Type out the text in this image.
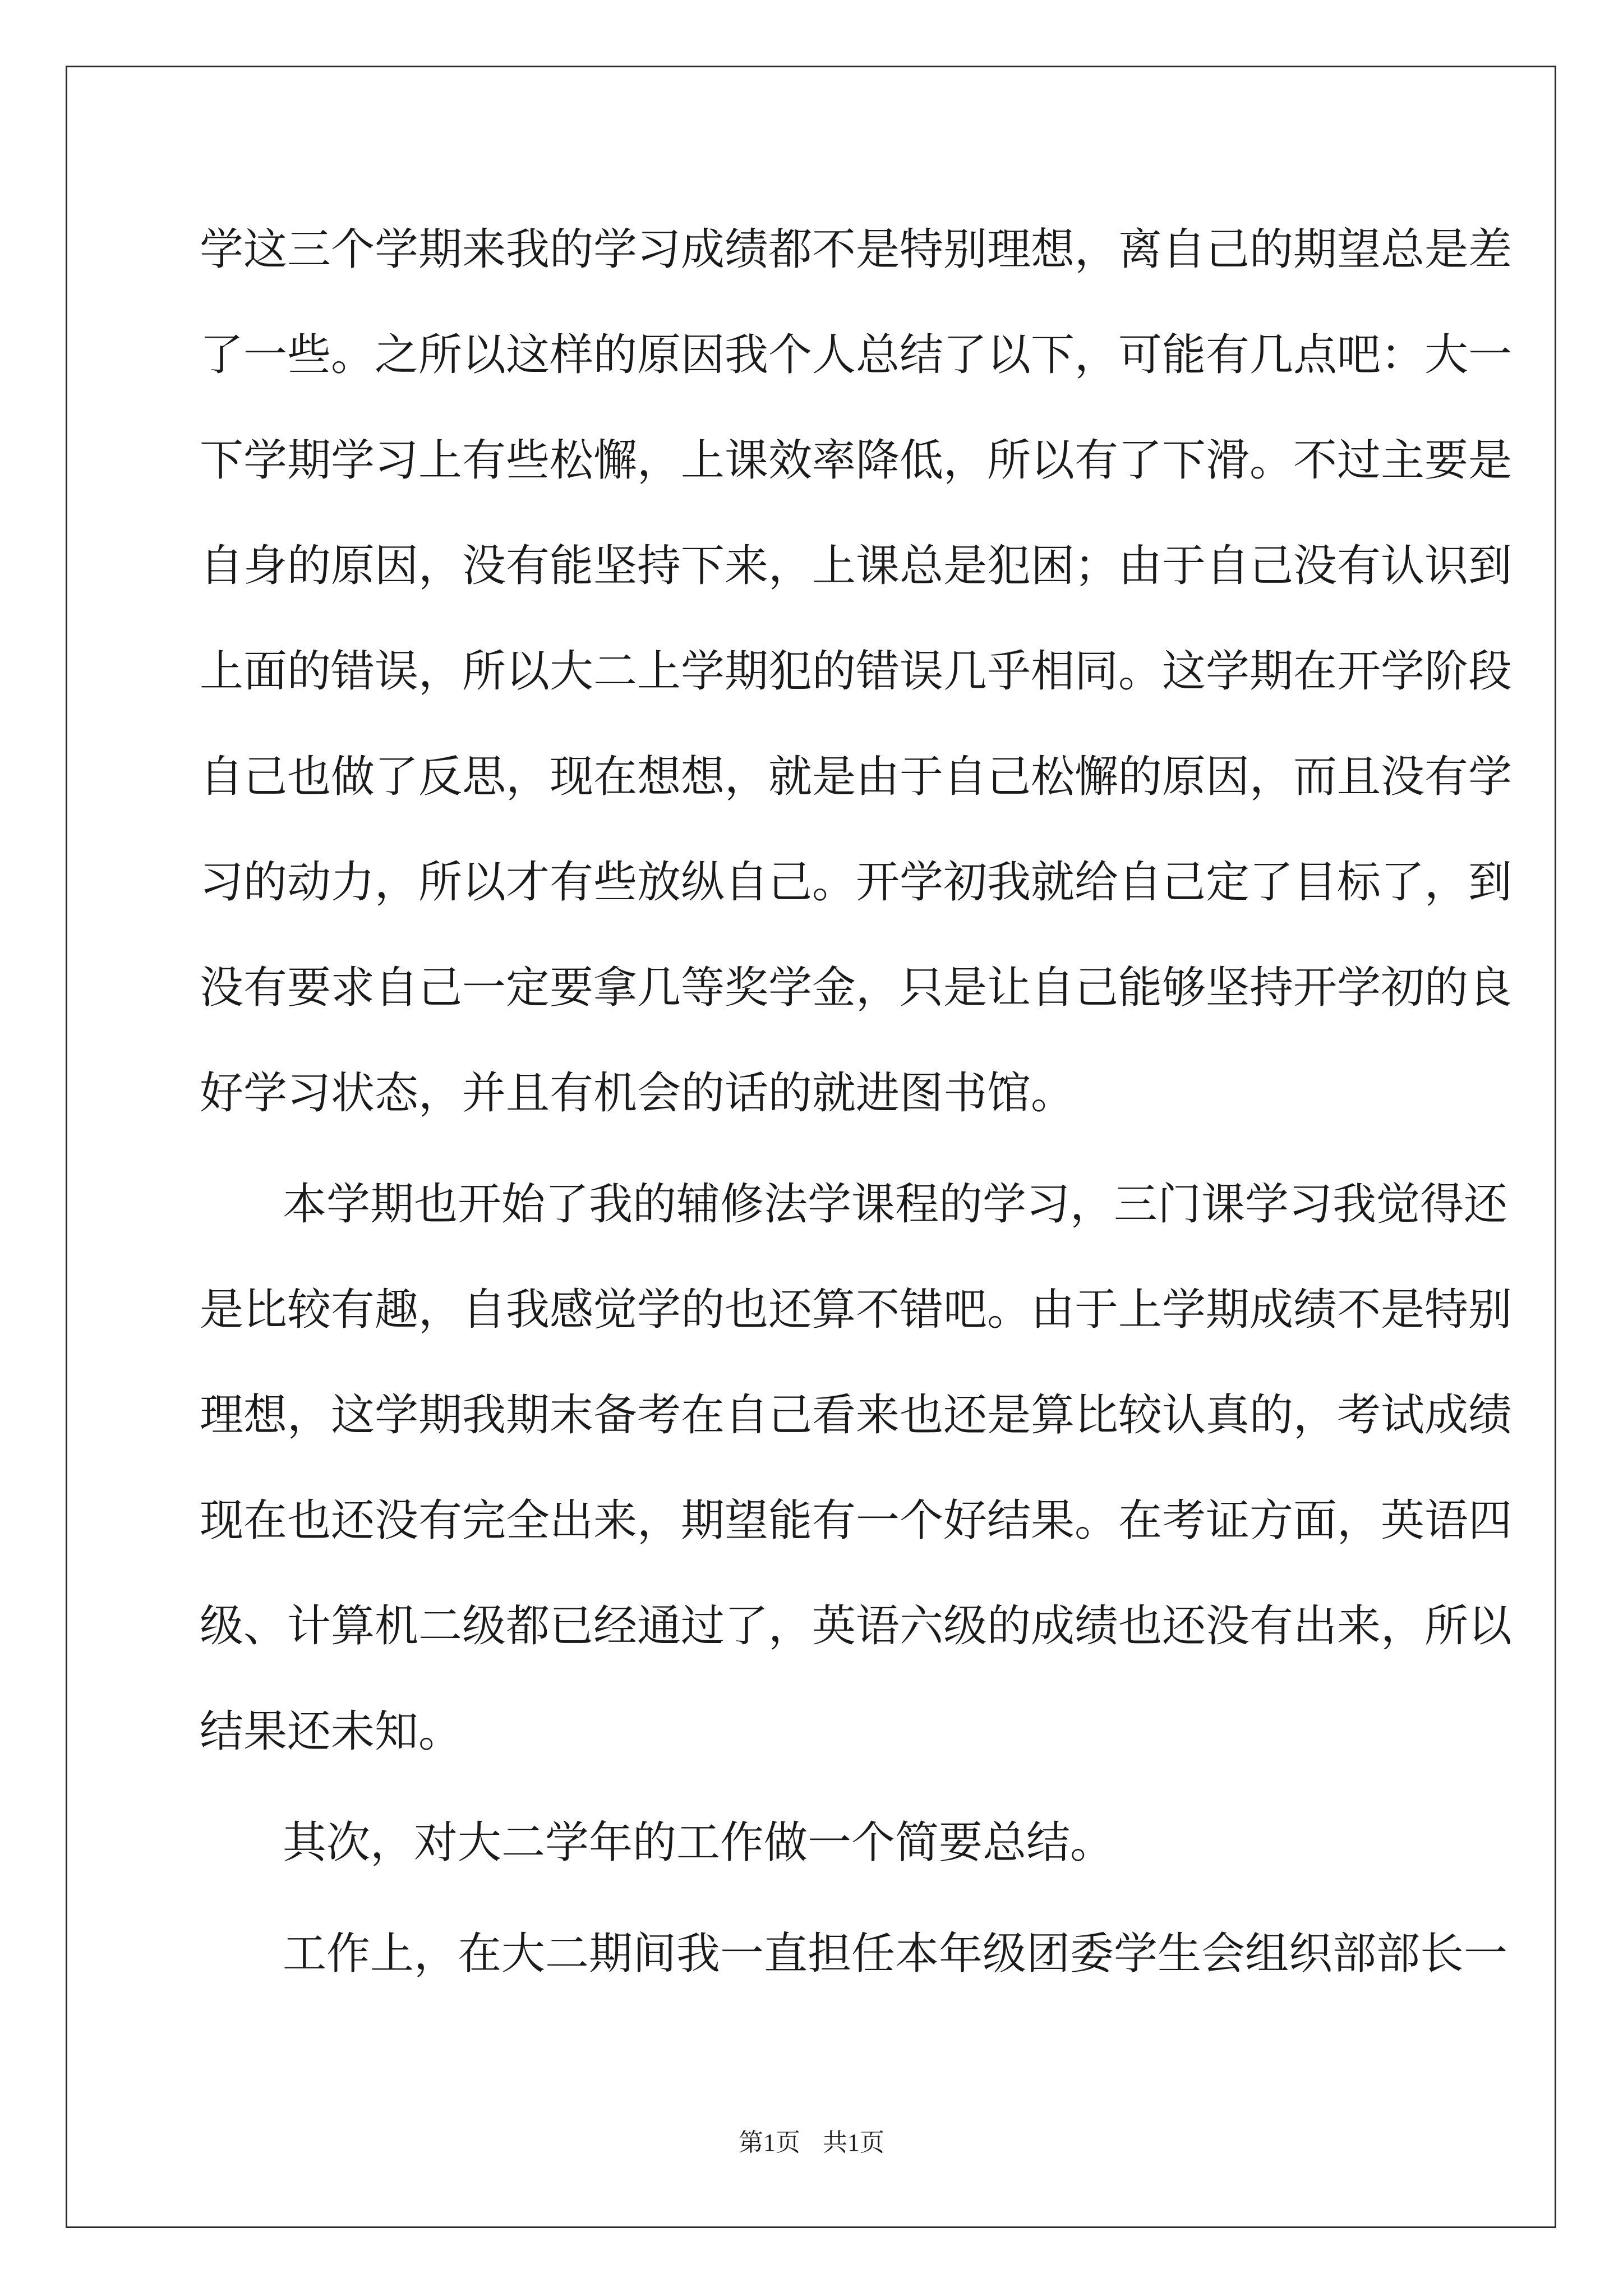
学这三个学期来我的学习成绩都不是特别理想，离自己的期望总是差
了一些。之所以这样的原因我个人总结了以下，可能有几点吧：大一
下学期学习上有些松懈，上课效率降低，所以有了下滑。不过主要是
自身的原因，没有能坚持下来，上课总是犯困；由于自己没有认识到
上面的错误，所以大二上学期犯的错误几乎相同。这学期在开学阶段
自己也做了反思，现在想想，就是由于自己松懈的原因，而且没有学
习的动力，所以才有些放纵自己。开学初我就给自己定了目标了，到
没有要求自己一定要拿几等奖学金，只是让自己能够坚持开学初的良
好学习状态，并且有机会的话的就进图书馆。
本学期也开始了我的辅修法学课程的学习，三门课学习我觉得还
是比较有趣，自我感觉学的也还算不错吧。由于上学期成绩不是特别
理想，这学期我期末备考在自己看来也还是算比较认真的，考试成绩
现在也还没有完全出来，期望能有一个好结果。在考证方面，英语四
级、计算机二级都已经通过了，英语六级的成绩也还没有出来，所以
结果还未知。
其次，对大二学年的工作做一个简要总结。
工作上，在大二期间我一直担任本年级团委学生会组织部部长一
第1页 共1页
